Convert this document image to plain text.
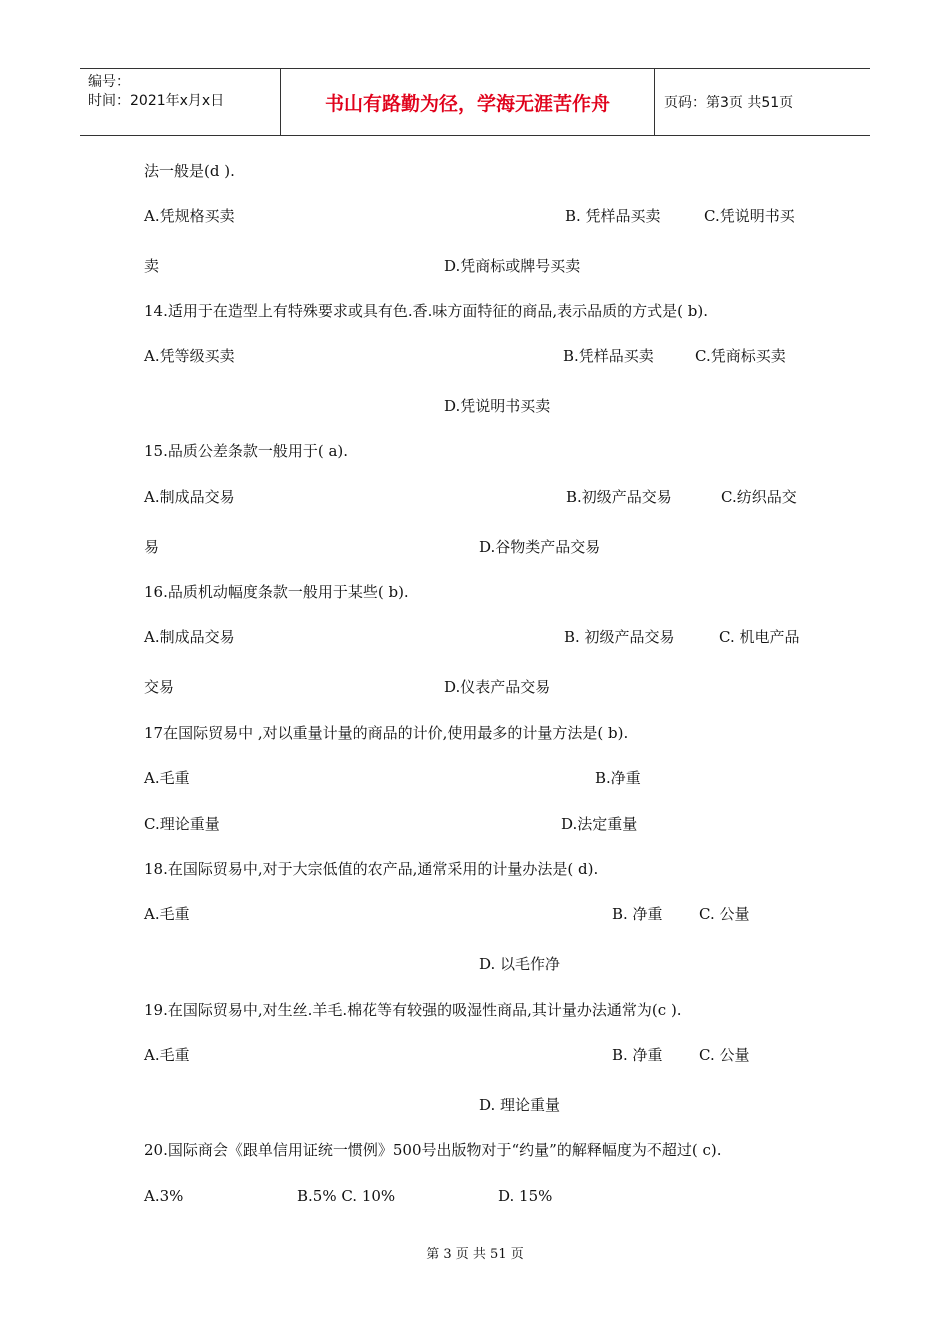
编号：
时间：2021年x月x日	书山有路勤为径，学海无涯苦作舟	页码：第3页 共51页
法一般是(d ).
A.凭规格买卖	B. 凭样品买卖	C.凭说明书买
卖	D.凭商标或牌号买卖
14.适用于在造型上有特殊要求或具有色.香.味方面特征的商品,表示品质的方式是( b).
A.凭等级买卖	B.凭样品买卖	C.凭商标买卖
D.凭说明书买卖
15.品质公差条款一般用于( a).
A.制成品交易	B.初级产品交易	C.纺织品交
易	D.谷物类产品交易
16.品质机动幅度条款一般用于某些( b).
A.制成品交易	B. 初级产品交易	C. 机电产品
交易	D.仪表产品交易
17在国际贸易中 ,对以重量计量的商品的计价,使用最多的计量方法是( b).
A.毛重	B.净重
C.理论重量	D.法定重量
18.在国际贸易中,对于大宗低值的农产品,通常采用的计量办法是( d).
A.毛重	B. 净重 C. 公量
D. 以毛作净
19.在国际贸易中,对生丝.羊毛.棉花等有较强的吸湿性商品,其计量办法通常为(c ).
A.毛重	B. 净重 C. 公量
D. 理论重量
20.国际商会《跟单信用证统一惯例》500号出版物对于“约量”的解释幅度为不超过( c).
A.3%	B.5% C. 10%	D. 15%
第 3 页 共 51 页
